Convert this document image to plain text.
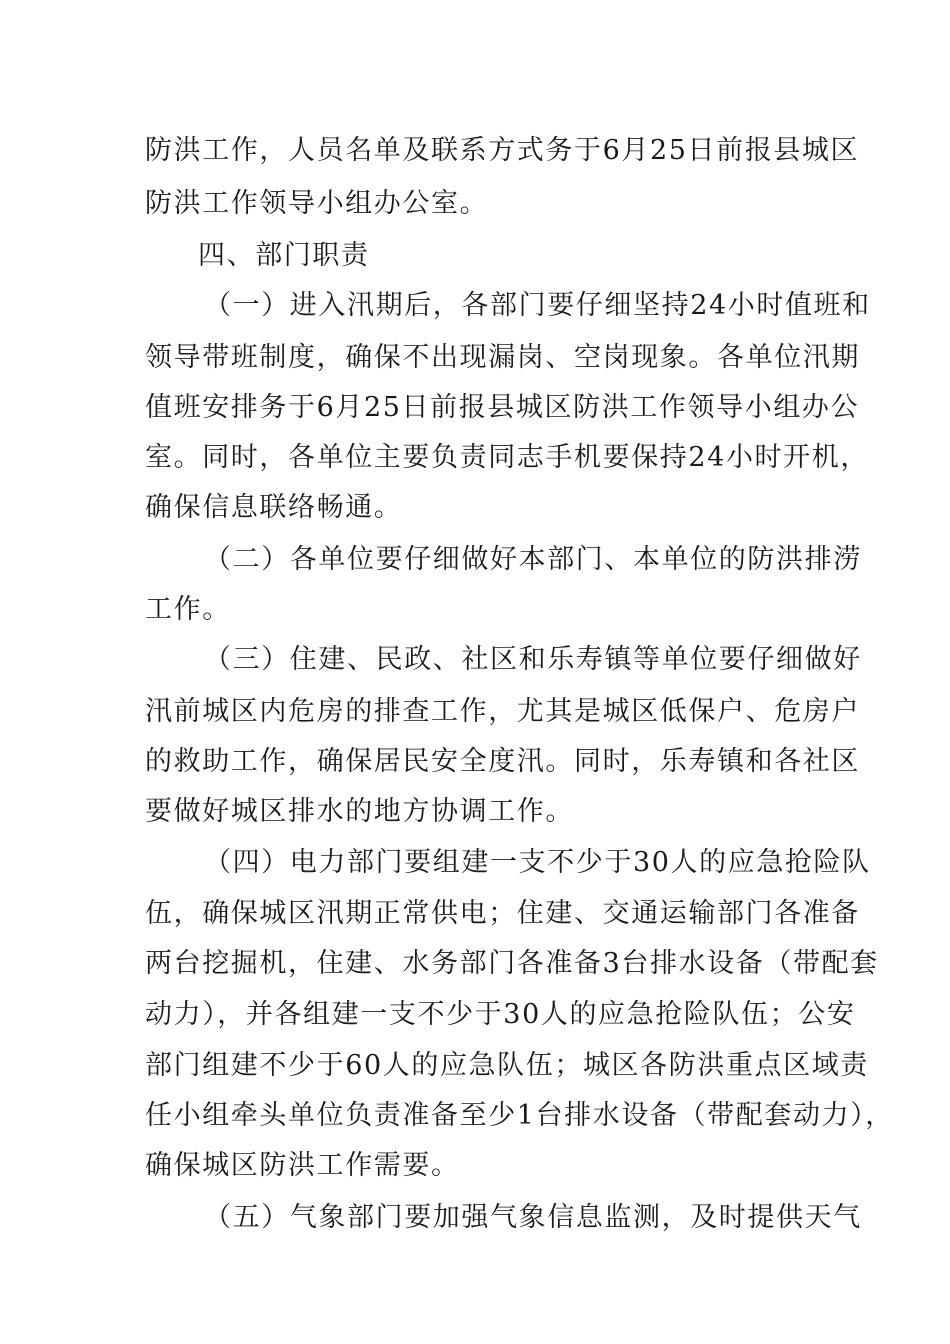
防洪工作，人员名单及联系方式务于6月25日前报县城区
防洪工作领导小组办公室。
四、部门职责
（一）进入汛期后，各部门要仔细坚持24小时值班和
领导带班制度，确保不出现漏岗、空岗现象。各单位汛期
值班安排务于6月25日前报县城区防洪工作领导小组办公
室。同时，各单位主要负责同志手机要保持24小时开机，
确保信息联络畅通。
（二）各单位要仔细做好本部门、本单位的防洪排涝
工作。
（三）住建、民政、社区和乐寿镇等单位要仔细做好
汛前城区内危房的排查工作，尤其是城区低保户、危房户
的救助工作，确保居民安全度汛。同时，乐寿镇和各社区
要做好城区排水的地方协调工作。
（四）电力部门要组建一支不少于30人的应急抢险队
伍，确保城区汛期正常供电；住建、交通运输部门各准备
两台挖掘机，住建、水务部门各准备3台排水设备（带配套
动力），并各组建一支不少于30人的应急抢险队伍；公安
部门组建不少于60人的应急队伍；城区各防洪重点区域责
任小组牵头单位负责准备至少1台排水设备（带配套动力），
确保城区防洪工作需要。
（五）气象部门要加强气象信息监测，及时提供天气
